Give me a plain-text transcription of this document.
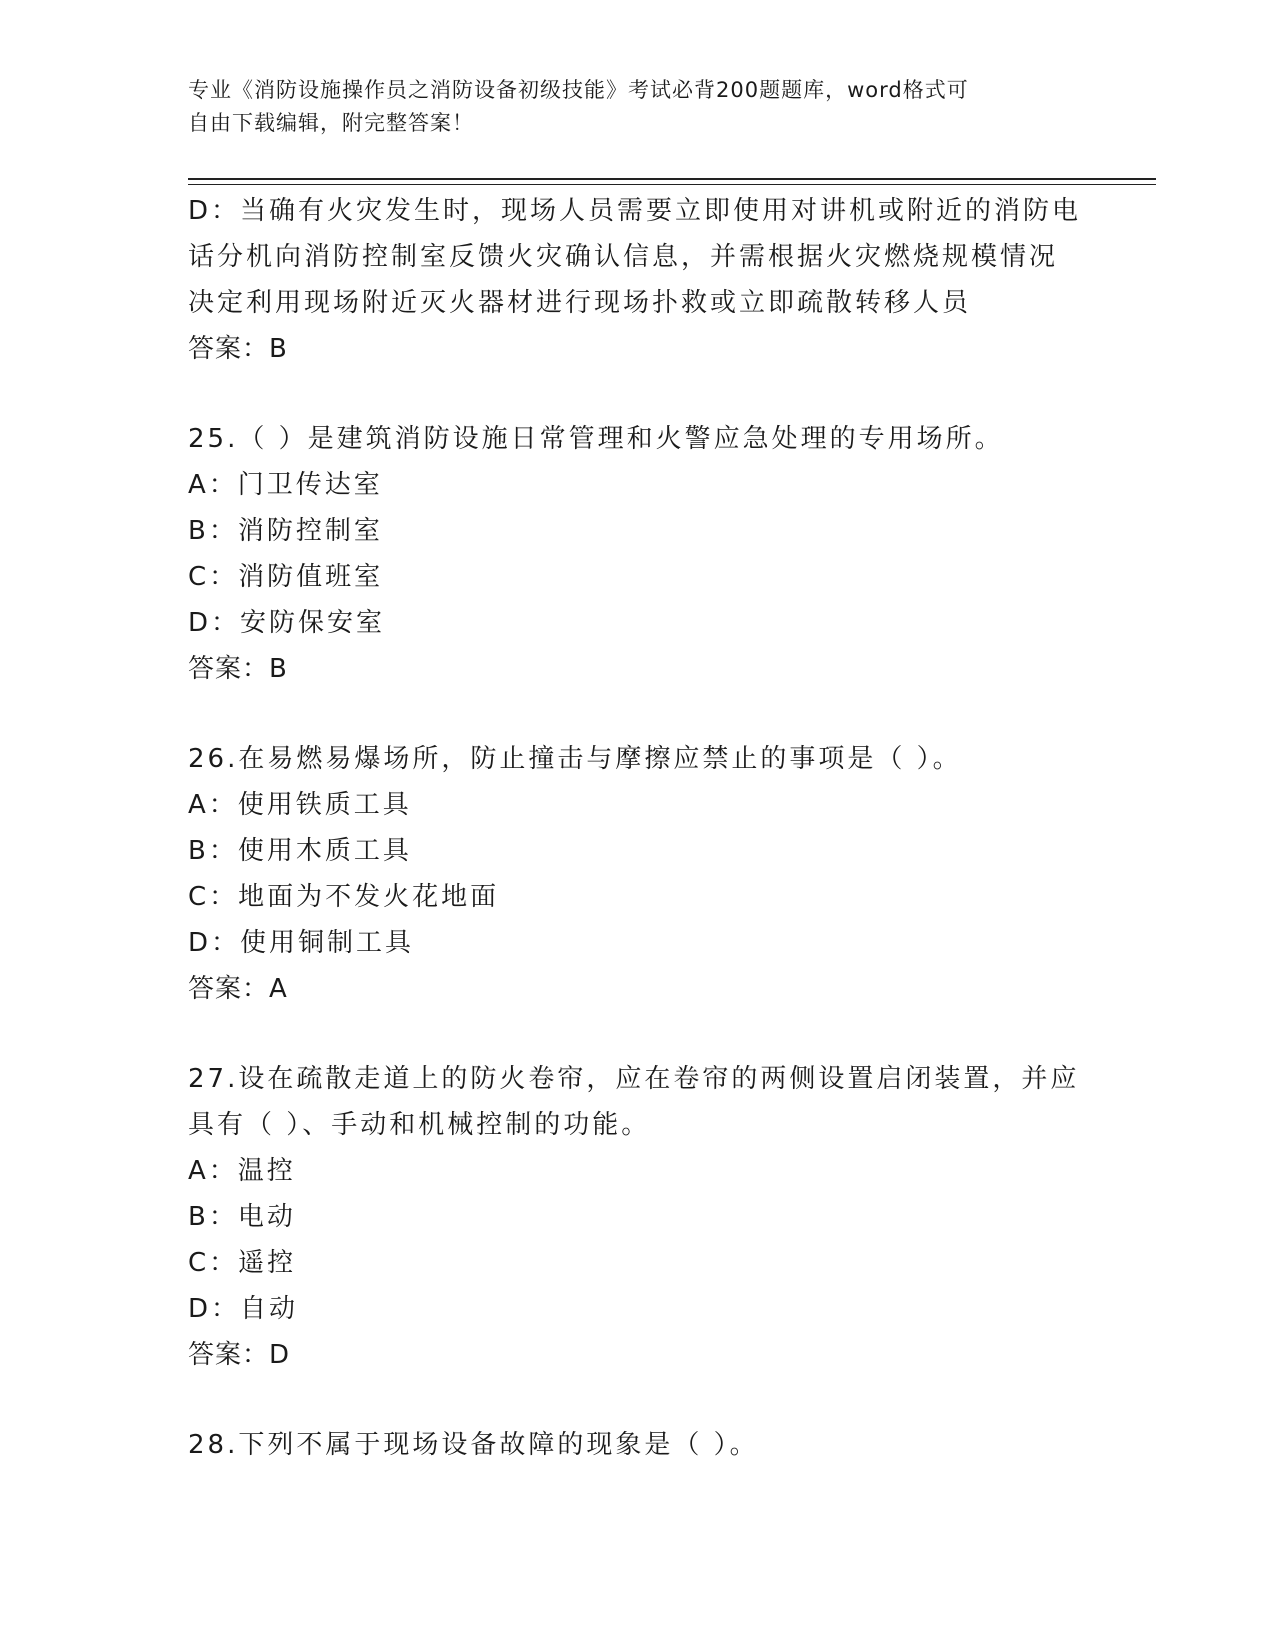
专业《消防设施操作员之消防设备初级技能》考试必背200题题库，word格式可
自由下载编辑，附完整答案！
D：当确有火灾发生时，现场人员需要立即使用对讲机或附近的消防电
话分机向消防控制室反馈火灾确认信息，并需根据火灾燃烧规模情况
决定利用现场附近灭火器材进行现场扑救或立即疏散转移人员
答案：B
25.（ ）是建筑消防设施日常管理和火警应急处理的专用场所。
A：门卫传达室
B：消防控制室
C：消防值班室
D：安防保安室
答案：B
26.在易燃易爆场所，防止撞击与摩擦应禁止的事项是（ ）。
A：使用铁质工具
B：使用木质工具
C：地面为不发火花地面
D：使用铜制工具
答案：A
27.设在疏散走道上的防火卷帘，应在卷帘的两侧设置启闭装置，并应
具有（ ）、手动和机械控制的功能。
A：温控
B：电动
C：遥控
D：自动
答案：D
28.下列不属于现场设备故障的现象是（ ）。
